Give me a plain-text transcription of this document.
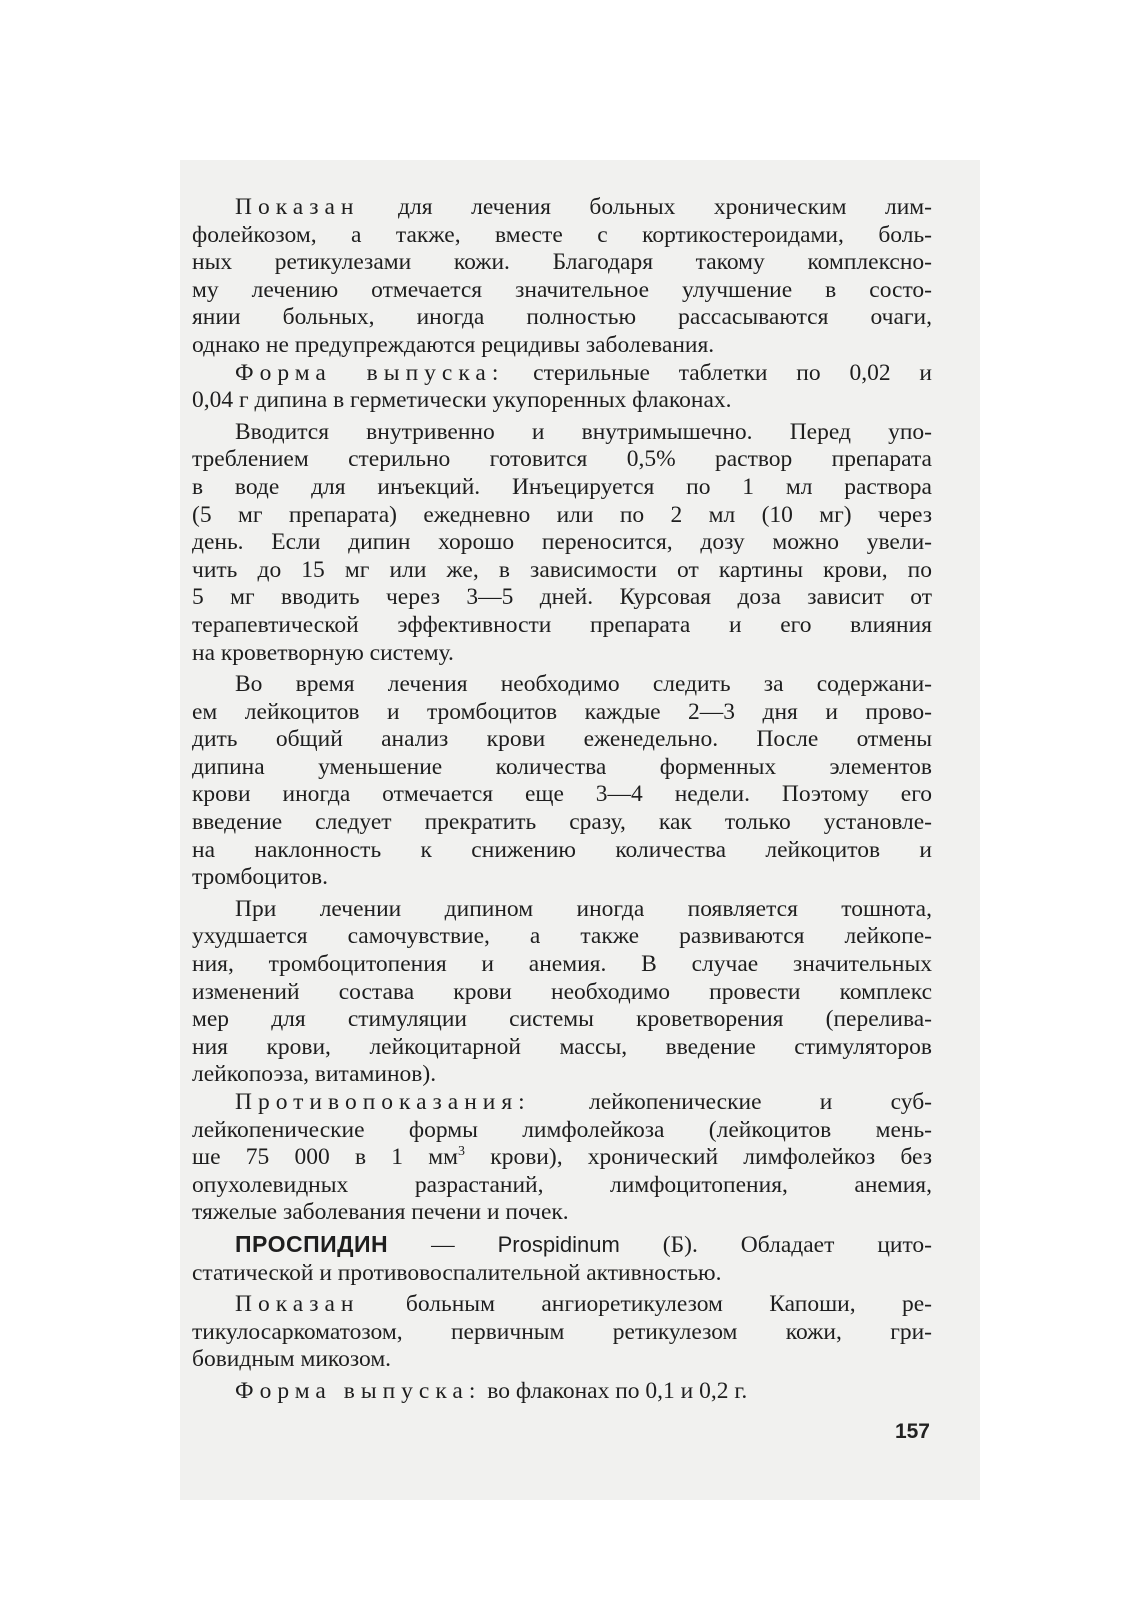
Показан для лечения больных хроническим лим-
фолейкозом, а также, вместе с кортикостероидами, боль-
ных ретикулезами кожи. Благодаря такому комплексно-
му лечению отмечается значительное улучшение в состо-
янии больных, иногда полностью рассасываются очаги,
однако не предупреждаются рецидивы заболевания.

Форма выпуска: стерильные таблетки по 0,02 и
0,04 г дипина в герметически укупоренных флаконах.

Вводится внутривенно и внутримышечно. Перед упо-
треблением стерильно готовится 0,5% раствор препарата
в воде для инъекций. Инъецируется по 1 мл раствора
(5 мг препарата) ежедневно или по 2 мл (10 мг) через
день. Если дипин хорошо переносится, дозу можно увели-
чить до 15 мг или же, в зависимости от картины крови, по
5 мг вводить через 3—5 дней. Курсовая доза зависит от
терапевтической эффективности препарата и его влияния
на кроветворную систему.

Во время лечения необходимо следить за содержани-
ем лейкоцитов и тромбоцитов каждые 2—3 дня и прово-
дить общий анализ крови еженедельно. После отмены
дипина уменьшение количества форменных элементов
крови иногда отмечается еще 3—4 недели. Поэтому его
введение следует прекратить сразу, как только установле-
на наклонность к снижению количества лейкоцитов и
тромбоцитов.

При лечении дипином иногда появляется тошнота,
ухудшается самочувствие, а также развиваются лейкопе-
ния, тромбоцитопения и анемия. В случае значительных
изменений состава крови необходимо провести комплекс
мер для стимуляции системы кроветворения (перелива-
ния крови, лейкоцитарной массы, введение стимуляторов
лейкопоэза, витаминов).

Противопоказания: лейкопенические и суб-
лейкопенические формы лимфолейкоза (лейкоцитов мень-
ше 75 000 в 1 $мм^3$ крови), хронический лимфолейкоз без
опухолевидных разрастаний, лимфоцитопения, анемия,
тяжелые заболевания печени и почек.

ПРОСПИДИН — Prospidinum (Б). Обладает цито-
статической и противовоспалительной активностью.

Показан больным ангиоретикулезом Капоши, ре-
тикулосаркоматозом, первичным ретикулезом кожи, гри-
бовидным микозом.

Форма выпуска: во флаконах по 0,1 и 0,2 г.

157
